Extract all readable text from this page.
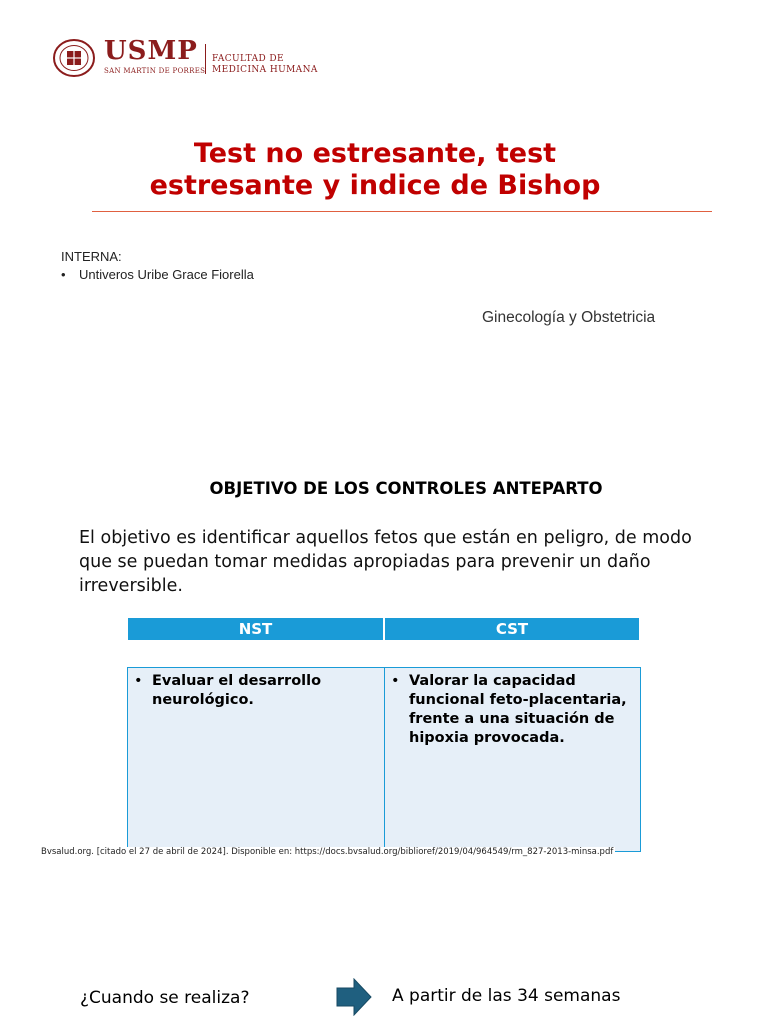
USMP
SAN MARTIN DE PORRES
FACULTAD DE
MEDICINA HUMANA
Test no estresante, test
estresante y indice de Bishop
INTERNA:
• Untiveros Uribe Grace Fiorella
Ginecología y Obstetricia
OBJETIVO DE LOS CONTROLES ANTEPARTO
El objetivo es identificar aquellos fetos que están en peligro, de modo que se puedan tomar medidas apropiadas para prevenir un daño irreversible.
NST	CST
• Evaluar el desarrollo neurológico.
• Valorar la capacidad funcional feto-placentaria, frente a una situación de hipoxia provocada.
Bvsalud.org. [citado el 27 de abril de 2024]. Disponible en: https://docs.bvsalud.org/biblioref/2019/04/964549/rm_827-2013-minsa.pdf
¿Cuando se realiza?	A partir de las 34 semanas
